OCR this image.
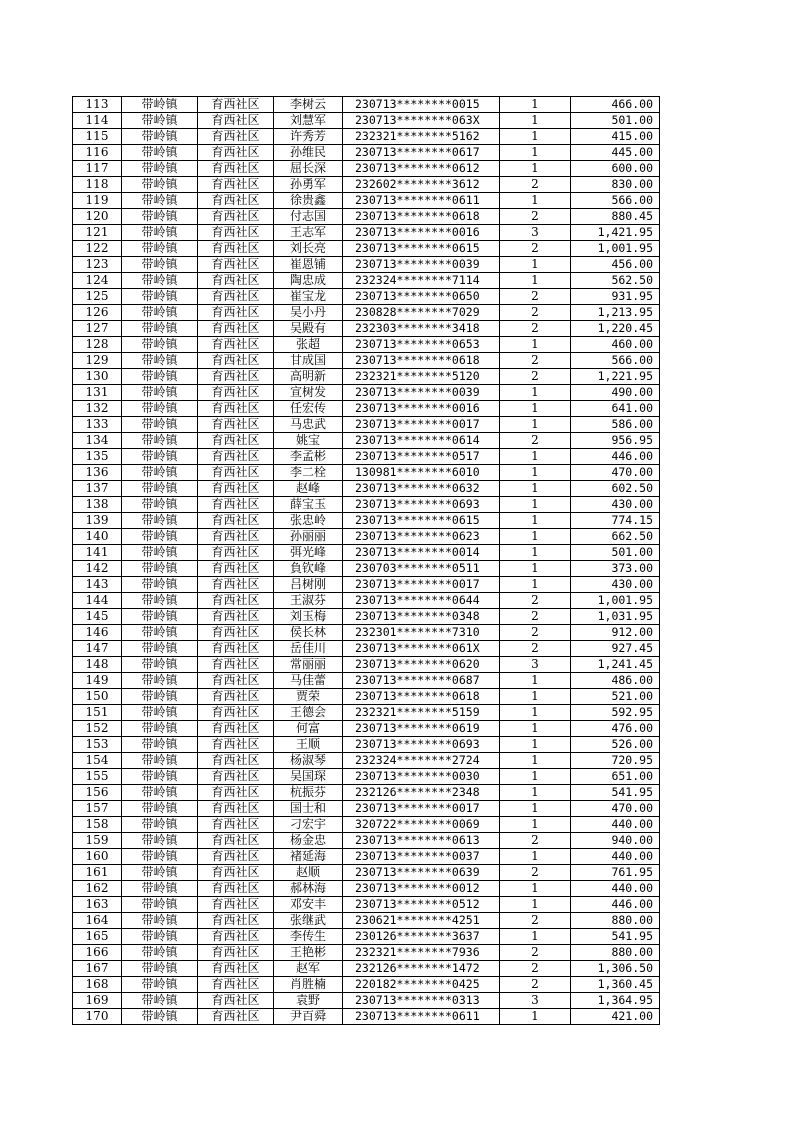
113	带岭镇	育西社区	李树云	230713********0015	1	466.00
114	带岭镇	育西社区	刘慧军	230713********063X	1	501.00
115	带岭镇	育西社区	许秀芳	232321********5162	1	415.00
116	带岭镇	育西社区	孙维民	230713********0617	1	445.00
117	带岭镇	育西社区	屈长深	230713********0612	1	600.00
118	带岭镇	育西社区	孙勇军	232602********3612	2	830.00
119	带岭镇	育西社区	徐贵鑫	230713********0611	1	566.00
120	带岭镇	育西社区	付志国	230713********0618	2	880.45
121	带岭镇	育西社区	王志军	230713********0016	3	1,421.95
122	带岭镇	育西社区	刘长亮	230713********0615	2	1,001.95
123	带岭镇	育西社区	崔恩铺	230713********0039	1	456.00
124	带岭镇	育西社区	陶忠成	232324********7114	1	562.50
125	带岭镇	育西社区	崔宝龙	230713********0650	2	931.95
126	带岭镇	育西社区	吴小丹	230828********7029	2	1,213.95
127	带岭镇	育西社区	吴殿有	232303********3418	2	1,220.45
128	带岭镇	育西社区	张超	230713********0653	1	460.00
129	带岭镇	育西社区	甘成国	230713********0618	2	566.00
130	带岭镇	育西社区	高明新	232321********5120	2	1,221.95
131	带岭镇	育西社区	宣树发	230713********0039	1	490.00
132	带岭镇	育西社区	任宏传	230713********0016	1	641.00
133	带岭镇	育西社区	马忠武	230713********0017	1	586.00
134	带岭镇	育西社区	姚宝	230713********0614	2	956.95
135	带岭镇	育西社区	李孟彬	230713********0517	1	446.00
136	带岭镇	育西社区	李二栓	130981********6010	1	470.00
137	带岭镇	育西社区	赵峰	230713********0632	1	602.50
138	带岭镇	育西社区	薛宝玉	230713********0693	1	430.00
139	带岭镇	育西社区	张忠岭	230713********0615	1	774.15
140	带岭镇	育西社区	孙丽丽	230713********0623	1	662.50
141	带岭镇	育西社区	弭光峰	230713********0014	1	501.00
142	带岭镇	育西社区	負钦峰	230703********0511	1	373.00
143	带岭镇	育西社区	吕树刚	230713********0017	1	430.00
144	带岭镇	育西社区	王淑芬	230713********0644	2	1,001.95
145	带岭镇	育西社区	刘玉梅	230713********0348	2	1,031.95
146	带岭镇	育西社区	侯长林	232301********7310	2	912.00
147	带岭镇	育西社区	岳佳川	230713********061X	2	927.45
148	带岭镇	育西社区	常丽丽	230713********0620	3	1,241.45
149	带岭镇	育西社区	马佳蕾	230713********0687	1	486.00
150	带岭镇	育西社区	贾荣	230713********0618	1	521.00
151	带岭镇	育西社区	王德会	232321********5159	1	592.95
152	带岭镇	育西社区	何富	230713********0619	1	476.00
153	带岭镇	育西社区	王顺	230713********0693	1	526.00
154	带岭镇	育西社区	杨淑琴	232324********2724	1	720.95
155	带岭镇	育西社区	吴国琛	230713********0030	1	651.00
156	带岭镇	育西社区	杭振芬	232126********2348	1	541.95
157	带岭镇	育西社区	国士和	230713********0017	1	470.00
158	带岭镇	育西社区	刁宏宇	320722********0069	1	440.00
159	带岭镇	育西社区	杨金忠	230713********0613	2	940.00
160	带岭镇	育西社区	褚延海	230713********0037	1	440.00
161	带岭镇	育西社区	赵顺	230713********0639	2	761.95
162	带岭镇	育西社区	郝林海	230713********0012	1	440.00
163	带岭镇	育西社区	邓安丰	230713********0512	1	446.00
164	带岭镇	育西社区	张继武	230621********4251	2	880.00
165	带岭镇	育西社区	李传生	230126********3637	1	541.95
166	带岭镇	育西社区	王艳彬	232321********7936	2	880.00
167	带岭镇	育西社区	赵军	232126********1472	2	1,306.50
168	带岭镇	育西社区	肖胜楠	220182********0425	2	1,360.45
169	带岭镇	育西社区	袁野	230713********0313	3	1,364.95
170	带岭镇	育西社区	尹百舜	230713********0611	1	421.00
